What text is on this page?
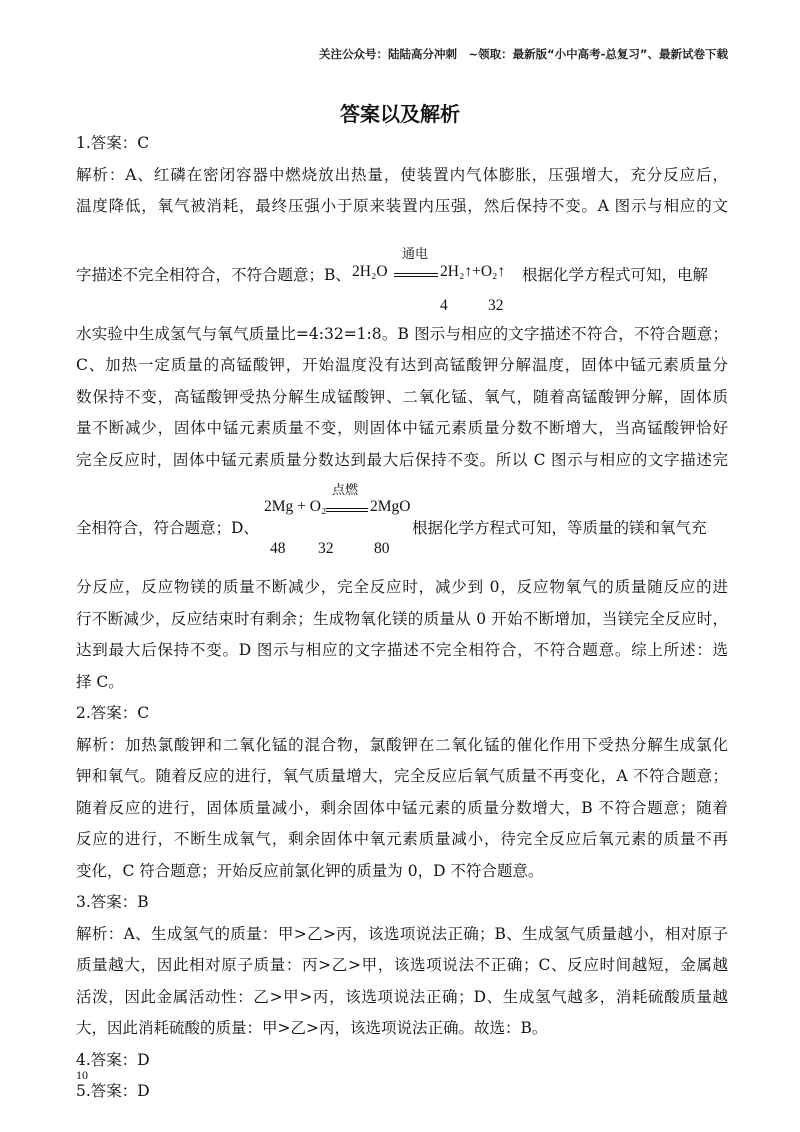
关注公众号：陆陆高分冲刺　~领取：最新版“小中高考-总复习”、最新试卷下载
答案以及解析
1.答案：C
解析：A、红磷在密闭容器中燃烧放出热量，使装置内气体膨胀，压强增大，充分反应后，
温度降低，氧气被消耗，最终压强小于原来装置内压强，然后保持不变。A 图示与相应的文
字描述不完全相符合，不符合题意；B、 2H₂O
通电
2H₂↑+O₂↑
4	32
根据化学方程式可知，电解
水实验中生成氢气与氧气质量比=4:32=1:8。B 图示与相应的文字描述不符合，不符合题意；
C、加热一定质量的高锰酸钾，开始温度没有达到高锰酸钾分解温度，固体中锰元素质量分
数保持不变，高锰酸钾受热分解生成锰酸钾、二氧化锰、氧气，随着高锰酸钾分解，固体质
量不断减少，固体中锰元素质量不变，则固体中锰元素质量分数不断增大，当高锰酸钾恰好
完全反应时，固体中锰元素质量分数达到最大后保持不变。所以 C 图示与相应的文字描述完
全相符合，符合题意；D、
2Mg + O₂
点燃
2MgO
48 32	80
根据化学方程式可知，等质量的镁和氧气充
分反应，反应物镁的质量不断减少，完全反应时，减少到 0，反应物氧气的质量随反应的进
行不断减少，反应结束时有剩余；生成物氧化镁的质量从 0 开始不断增加，当镁完全反应时，
达到最大后保持不变。D 图示与相应的文字描述不完全相符合，不符合题意。综上所述：选
择 C。
2.答案：C
解析：加热氯酸钾和二氧化锰的混合物，氯酸钾在二氧化锰的催化作用下受热分解生成氯化
钾和氧气。随着反应的进行，氧气质量增大，完全反应后氧气质量不再变化，A 不符合题意；
随着反应的进行，固体质量减小，剩余固体中锰元素的质量分数增大，B 不符合题意；随着
反应的进行，不断生成氧气，剩余固体中氧元素质量减小，待完全反应后氧元素的质量不再
变化，C 符合题意；开始反应前氯化钾的质量为 0，D 不符合题意。
3.答案：B
解析：A、生成氢气的质量：甲>乙>丙，该选项说法正确；B、生成氢气质量越小，相对原子
质量越大，因此相对原子质量：丙>乙>甲，该选项说法不正确；C、反应时间越短，金属越
活泼，因此金属活动性：乙>甲>丙，该选项说法正确；D、生成氢气越多，消耗硫酸质量越
大，因此消耗硫酸的质量：甲>乙>丙，该选项说法正确。故选：B。
4.答案：D
5.答案：D
10
